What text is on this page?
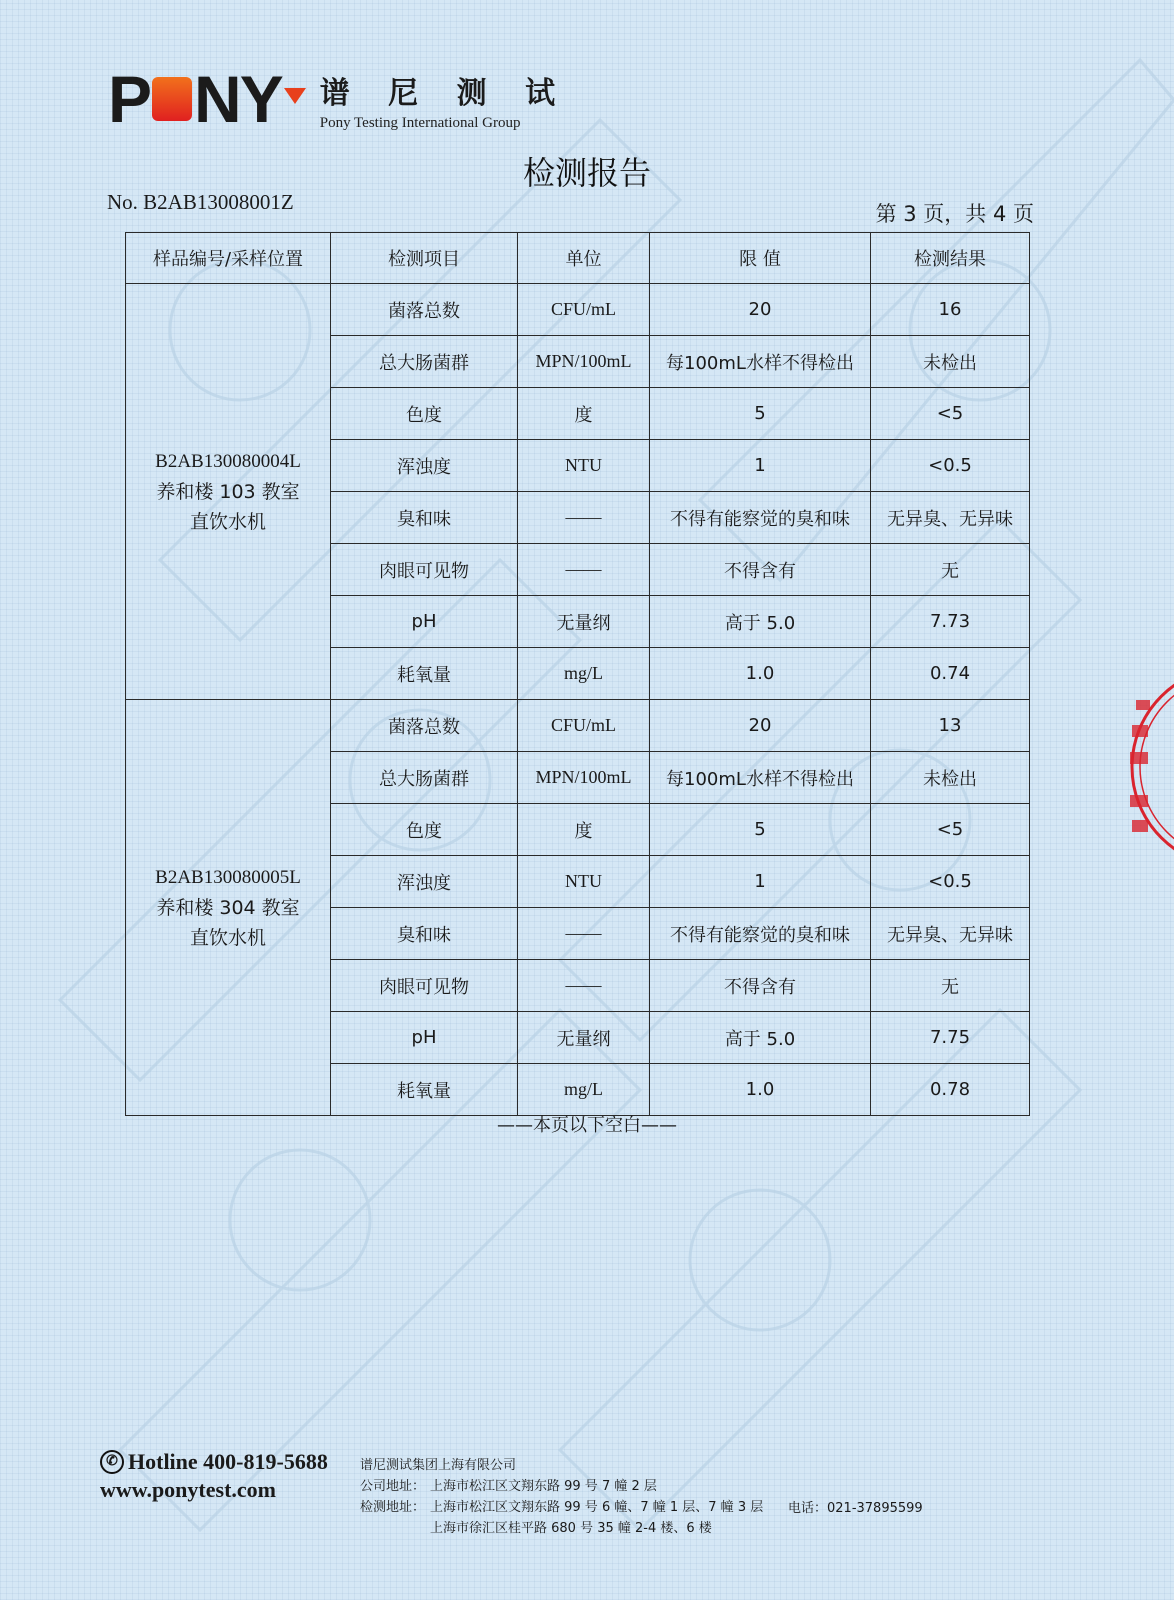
P N Y 谱 尼 测 试
Pony Testing International Group
检测报告
No. B2AB13008001Z	第 3 页，共 4 页
样品编号/采样位置	检测项目	单位	限 值	检测结果

B2AB130080004L
养和楼 103 教室
直饮水机	菌落总数	CFU/mL	20	16
	总大肠菌群	MPN/100mL	每100mL水样不得检出	未检出
	色度	度	5	<5
	浑浊度	NTU	1	<0.5
	臭和味	——	不得有能察觉的臭和味	无异臭、无异味
	肉眼可见物	——	不得含有	无
	pH	无量纲	高于 5.0	7.73
	耗氧量	mg/L	1.0	0.74

B2AB130080005L
养和楼 304 教室
直饮水机	菌落总数	CFU/mL	20	13
	总大肠菌群	MPN/100mL	每100mL水样不得检出	未检出
	色度	度	5	<5
	浑浊度	NTU	1	<0.5
	臭和味	——	不得有能察觉的臭和味	无异臭、无异味
	肉眼可见物	——	不得含有	无
	pH	无量纲	高于 5.0	7.75
	耗氧量	mg/L	1.0	0.78
——本页以下空白——
✆ Hotline 400-819-5688
www.ponytest.com
谱尼测试集团上海有限公司
公司地址： 上海市松江区文翔东路 99 号 7 幢 2 层
检测地址： 上海市松江区文翔东路 99 号 6 幢、7 幢 1 层、7 幢 3 层
上海市徐汇区桂平路 680 号 35 幢 2-4 楼、6 楼
电话：021-37895599
